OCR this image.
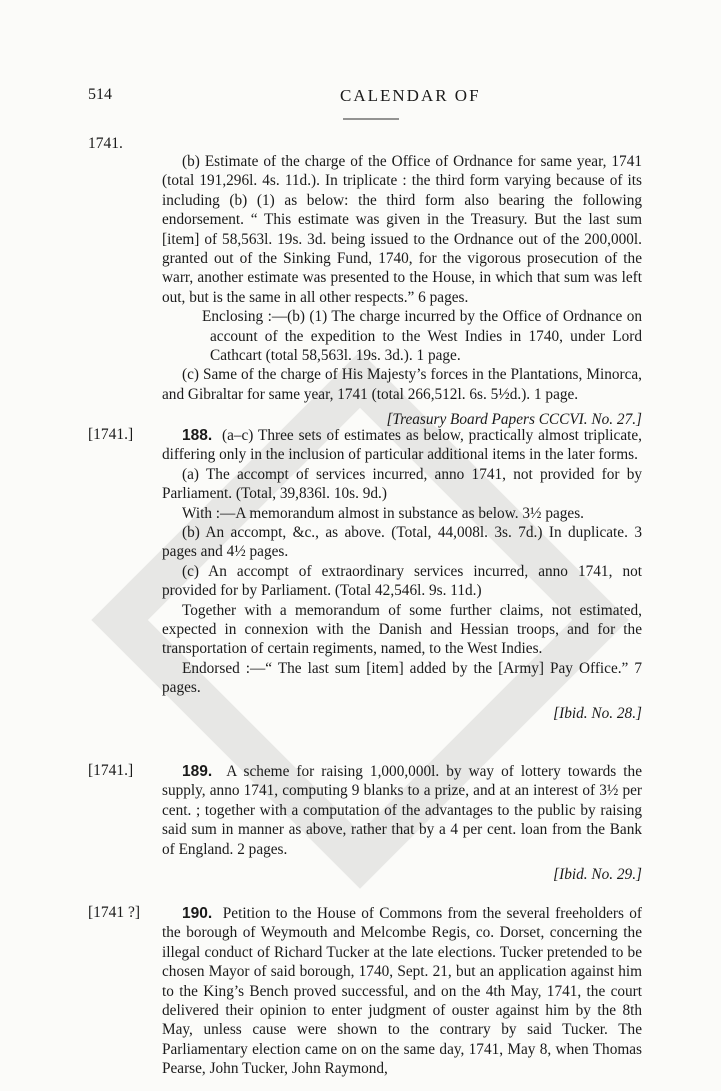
514	CALENDAR OF
1741.

(b) Estimate of the charge of the Office of Ordnance for same year, 1741 (total 191,296l. 4s. 11d.). In triplicate : the third form varying because of its including (b) (1) as below: the third form also bearing the following endorsement. “ This estimate was given in the Treasury. But the last sum [item] of 58,563l. 19s. 3d. being issued to the Ordnance out of the 200,000l. granted out of the Sinking Fund, 1740, for the vigorous prosecution of the warr, another estimate was presented to the House, in which that sum was left out, but is the same in all other respects.” 6 pages.

Enclosing :—(b) (1) The charge incurred by the Office of Ordnance on account of the expedition to the West Indies in 1740, under Lord Cathcart (total 58,563l. 19s. 3d.). 1 page.

(c) Same of the charge of His Majesty’s forces in the Plantations, Minorca, and Gibraltar for same year, 1741 (total 266,512l. 6s. 5½d.). 1 page.

[Treasury Board Papers CCCVI. No. 27.]

[1741.]	188. (a–c) Three sets of estimates as below, practically almost triplicate, differing only in the inclusion of particular additional items in the later forms.

(a) The accompt of services incurred, anno 1741, not provided for by Parliament. (Total, 39,836l. 10s. 9d.)

With :—A memorandum almost in substance as below. 3½ pages.

(b) An accompt, &c., as above. (Total, 44,008l. 3s. 7d.) In duplicate. 3 pages and 4½ pages.

(c) An accompt of extraordinary services incurred, anno 1741, not provided for by Parliament. (Total 42,546l. 9s. 11d.)

Together with a memorandum of some further claims, not estimated, expected in connexion with the Danish and Hessian troops, and for the transportation of certain regiments, named, to the West Indies.

Endorsed :—“ The last sum [item] added by the [Army] Pay Office.” 7 pages.

[Ibid. No. 28.]

[1741.]	189. A scheme for raising 1,000,000l. by way of lottery towards the supply, anno 1741, computing 9 blanks to a prize, and at an interest of 3½ per cent. ; together with a computation of the advantages to the public by raising said sum in manner as above, rather that by a 4 per cent. loan from the Bank of England. 2 pages.

[Ibid. No. 29.]

[1741 ?]	190. Petition to the House of Commons from the several freeholders of the borough of Weymouth and Melcombe Regis, co. Dorset, concerning the illegal conduct of Richard Tucker at the late elections. Tucker pretended to be chosen Mayor of said borough, 1740, Sept. 21, but an application against him to the King’s Bench proved successful, and on the 4th May, 1741, the court delivered their opinion to enter judgment of ouster against him by the 8th May, unless cause were shown to the contrary by said Tucker. The Parliamentary election came on on the same day, 1741, May 8, when Thomas Pearse, John Tucker, John Raymond,
